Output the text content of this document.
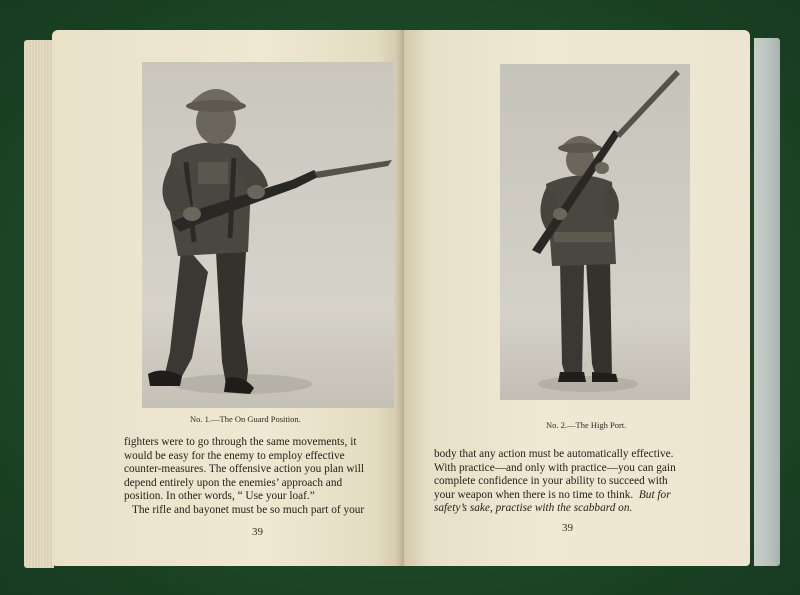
No. 1.—The On Guard Position.
fighters were to go through the same movements, it
would be easy for the enemy to employ effective
counter-measures. The offensive action you plan will
depend entirely upon the enemies’ approach and
position. In other words, “ Use your loaf.”
The rifle and bayonet must be so much part of your
39
No. 2.—The High Port.
body that any action must be automatically effective.
With practice—and only with practice—you can gain
complete confidence in your ability to succeed with
your weapon when there is no time to think. But for
safety’s sake, practise with the scabbard on.
39
